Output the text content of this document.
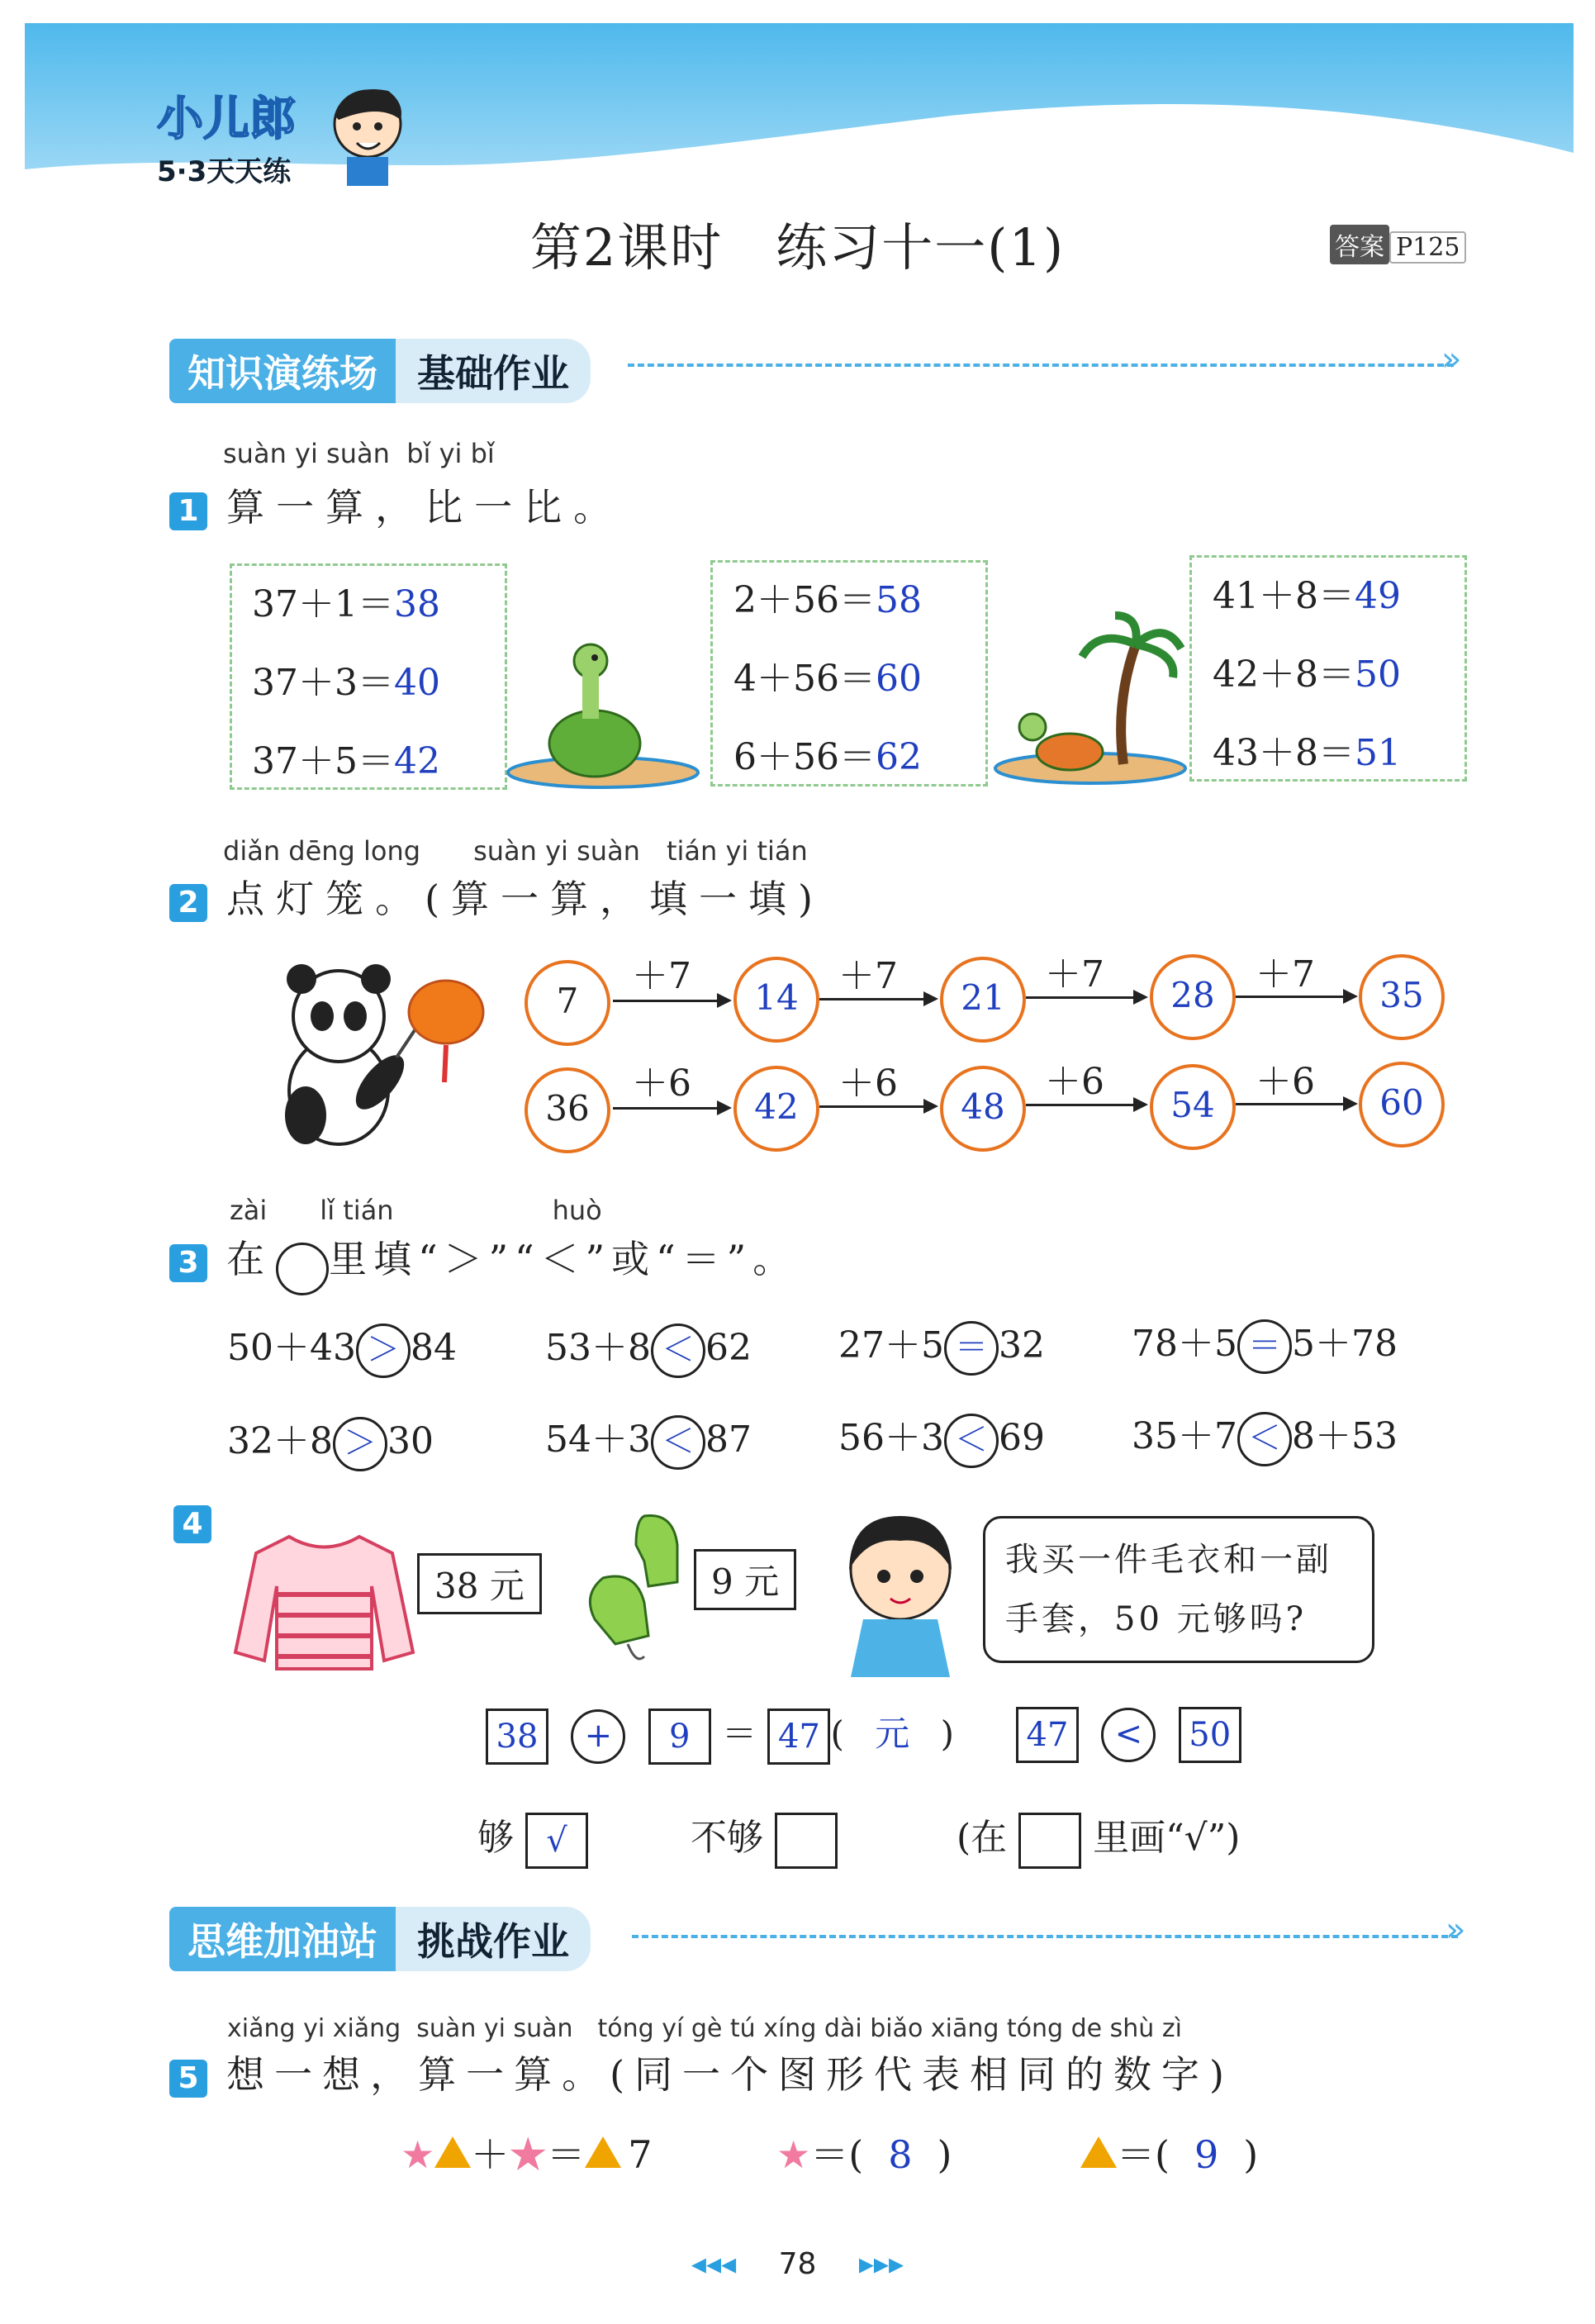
小儿郎
5·3天天练
第2课时　练习十一(1)	答案 P125
知识演练场 基础作业	»
suàn yi suàn  bǐ yi bǐ
1 算一算，比一比。
37＋1＝38
37＋3＝40
37＋5＝42
2＋56＝58
4＋56＝60
6＋56＝62
41＋8＝49
42＋8＝50
43＋8＝51
diǎn dēng long　　suàn yi suàn　tián yi tián
2 点灯笼。(算一算，填一填)
7	14	21	28	35
＋7	＋7	＋7	＋7
36	42	48	54	60
＋6	＋6	＋6	＋6
zài　　lǐ tián　　　　　　huò
3 在 里填“＞”“＜”或“＝”。
50＋43 ＞ 84 53＋8 ＜ 62 27＋5 ＝ 32 78＋5 ＝ 5＋78
32＋8 ＞ 30	54＋3 ＜ 87 56＋3 ＜ 69 35＋7 ＜ 8＋53
4
38 元	9 元
我买一件毛衣和一副
手套，50 元够吗?
38 + 9 ＝ 47 ( 元 )	47 < 50
够 √	不够	(在 里画“√”)
思维加油站 挑战作业	»
xiǎng yi xiǎng  suàn yi suàn　tóng yí gè tú xíng dài biǎo xiāng tóng de shù zì
5 想一想，算一算。(同一个图形代表相同的数字)
★ ＋★＝ 7	★＝( 8 )	＝( 9 )
◂◂◂ 78 ▸▸▸
